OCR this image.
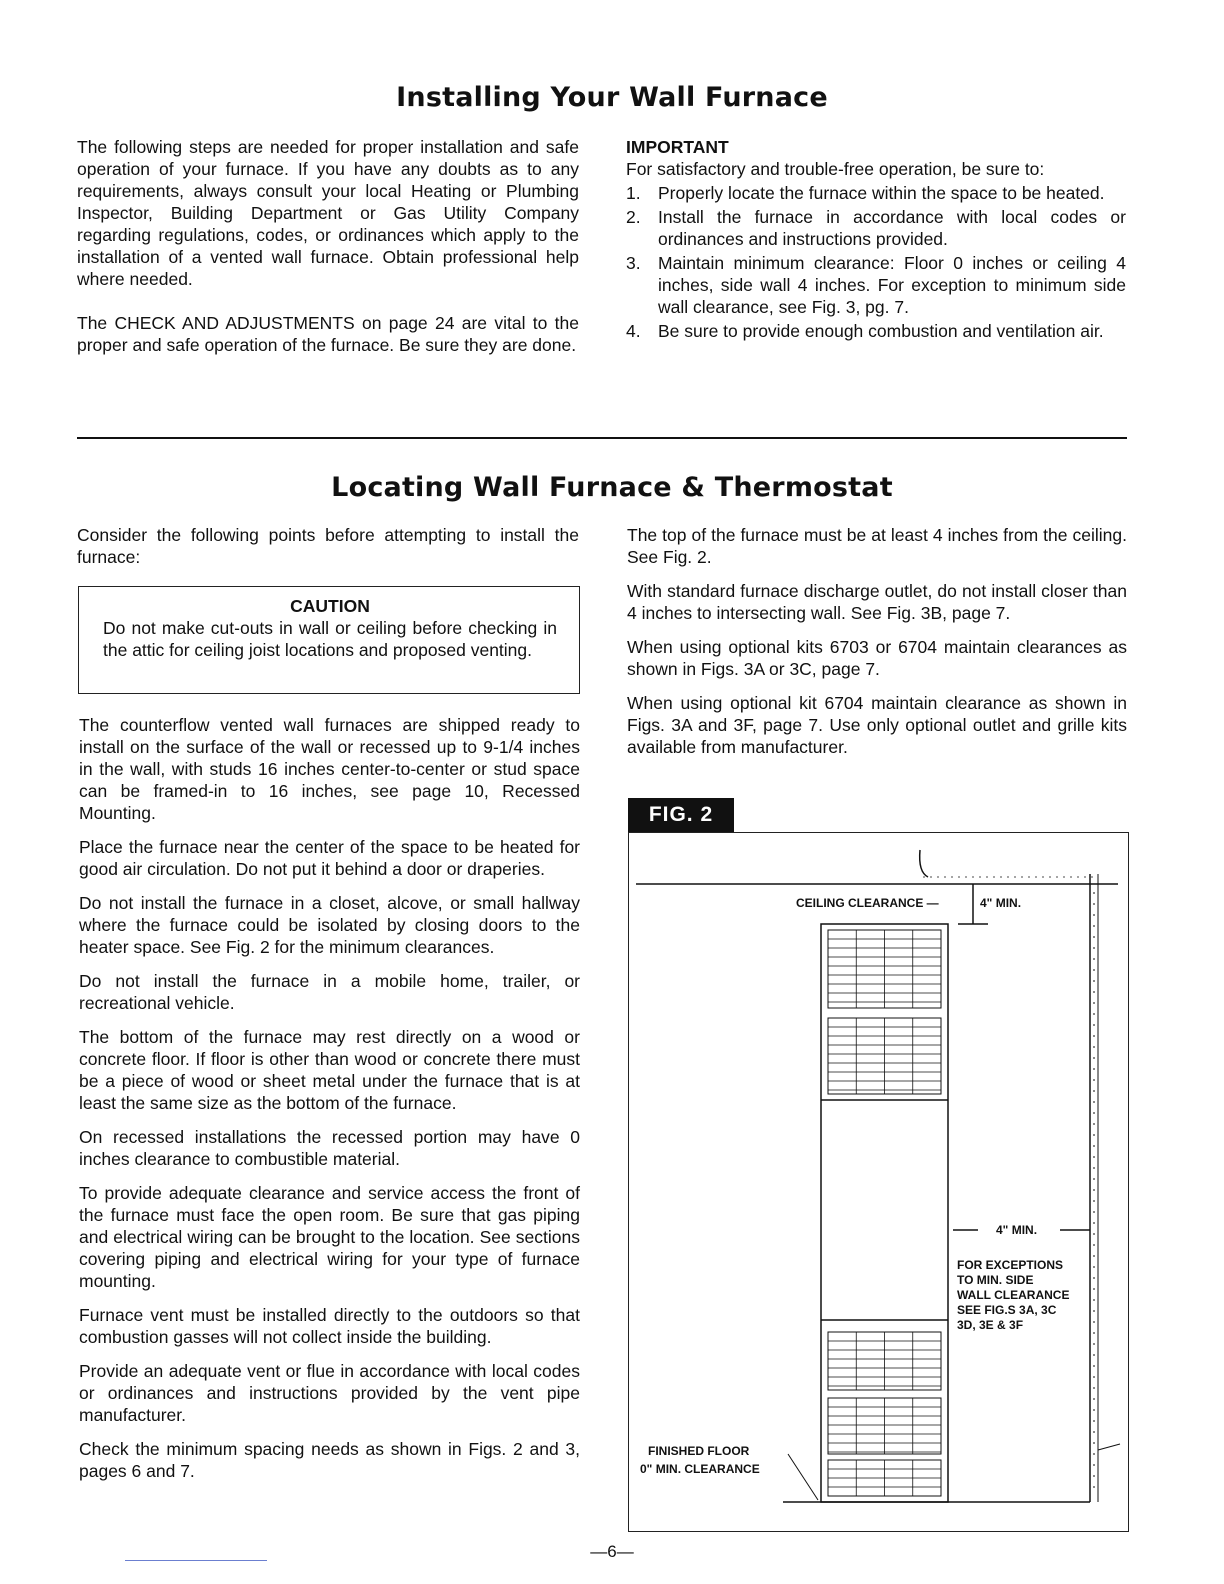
Installing Your Wall Furnace

The following steps are needed for proper installation and safe operation of your furnace. If you have any doubts as to any requirements, always consult your local Heating or Plumbing Inspector, Building Department or Gas Utility Company regarding regulations, codes, or ordinances which apply to the installation of a vented wall furnace. Obtain professional help where needed.

The CHECK AND ADJUSTMENTS on page 24 are vital to the proper and safe operation of the furnace. Be sure they are done.

IMPORTANT
For satisfactory and trouble-free operation, be sure to:
1. Properly locate the furnace within the space to be heated.
2. Install the furnace in accordance with local codes or ordinances and instructions provided.
3. Maintain minimum clearance: Floor 0 inches or ceiling 4 inches, side wall 4 inches. For exception to minimum side wall clearance, see Fig. 3, pg. 7.
4. Be sure to provide enough combustion and ventilation air.
Locating Wall Furnace & Thermostat
Consider the following points before attempting to install the furnace:
CAUTION
Do not make cut-outs in wall or ceiling before checking in the attic for ceiling joist locations and proposed venting.

The counterflow vented wall furnaces are shipped ready to install on the surface of the wall or recessed up to 9-1/4 inches in the wall, with studs 16 inches center-to-center or stud space can be framed-in to 16 inches, see page 10, Recessed Mounting.

Place the furnace near the center of the space to be heated for good air circulation. Do not put it behind a door or draperies.

Do not install the furnace in a closet, alcove, or small hallway where the furnace could be isolated by closing doors to the heater space. See Fig. 2 for the minimum clearances.

Do not install the furnace in a mobile home, trailer, or recreational vehicle.

The bottom of the furnace may rest directly on a wood or concrete floor. If floor is other than wood or concrete there must be a piece of wood or sheet metal under the furnace that is at least the same size as the bottom of the furnace.

On recessed installations the recessed portion may have 0 inches clearance to combustible material.

To provide adequate clearance and service access the front of the furnace must face the open room. Be sure that gas piping and electrical wiring can be brought to the location. See sections covering piping and electrical wiring for your type of furnace mounting.

Furnace vent must be installed directly to the outdoors so that combustion gasses will not collect inside the building.

Provide an adequate vent or flue in accordance with local codes or ordinances and instructions provided by the vent pipe manufacturer.

Check the minimum spacing needs as shown in Figs. 2 and 3, pages 6 and 7.

The top of the furnace must be at least 4 inches from the ceiling. See Fig. 2.

With standard furnace discharge outlet, do not install closer than 4 inches to intersecting wall. See Fig. 3B, page 7.

When using optional kits 6703 or 6704 maintain clearances as shown in Figs. 3A or 3C, page 7.

When using optional kit 6704 maintain clearance as shown in Figs. 3A and 3F, page 7. Use only optional outlet and grille kits available from manufacturer.

FIG. 2
CEILING CLEARANCE —	4" MIN.
4" MIN.
FOR EXCEPTIONS
TO MIN. SIDE
WALL CLEARANCE
SEE FIG.S 3A, 3C
3D, 3E & 3F
FINISHED FLOOR
0" MIN. CLEARANCE
—6—
